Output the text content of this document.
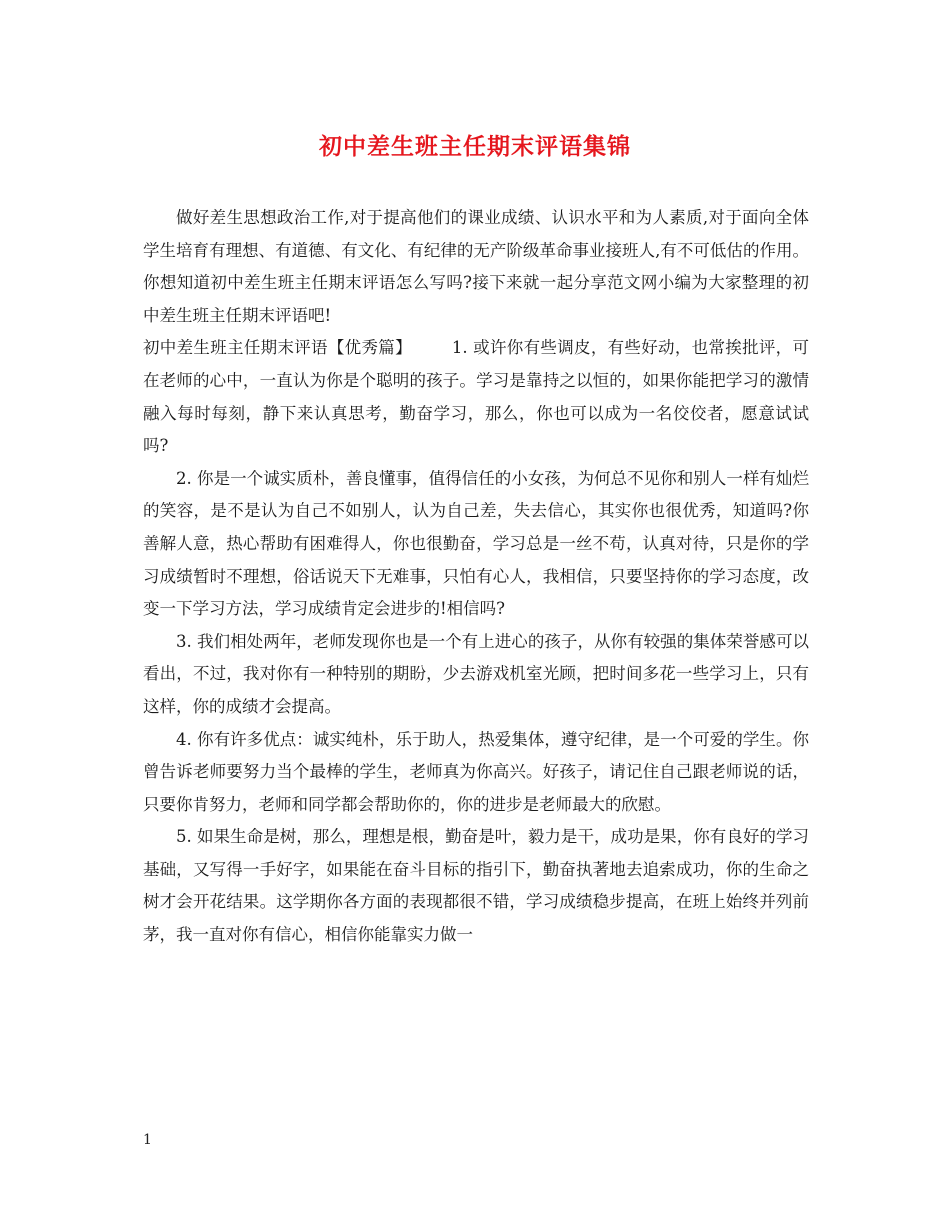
初中差生班主任期末评语集锦

做好差生思想政治工作,对于提高他们的课业成绩、认识水平和为人素质,对于面向全体学生培育有理想、有道德、有文化、有纪律的无产阶级革命事业接班人,有不可低估的作用。你想知道初中差生班主任期末评语怎么写吗?接下来就一起分享范文网小编为大家整理的初中差生班主任期末评语吧!

初中差生班主任期末评语【优秀篇】 1. 或许你有些调皮，有些好动，也常挨批评，可在老师的心中，一直认为你是个聪明的孩子。学习是靠持之以恒的，如果你能把学习的激情融入每时每刻，静下来认真思考，勤奋学习，那么，你也可以成为一名佼佼者，愿意试试吗?

2. 你是一个诚实质朴，善良懂事，值得信任的小女孩，为何总不见你和别人一样有灿烂的笑容，是不是认为自己不如别人，认为自己差，失去信心，其实你也很优秀，知道吗?你善解人意，热心帮助有困难得人，你也很勤奋，学习总是一丝不苟，认真对待，只是你的学习成绩暂时不理想，俗话说天下无难事，只怕有心人，我相信，只要坚持你的学习态度，改变一下学习方法，学习成绩肯定会进步的!相信吗?

3. 我们相处两年，老师发现你也是一个有上进心的孩子，从你有较强的集体荣誉感可以看出，不过，我对你有一种特别的期盼，少去游戏机室光顾，把时间多花一些学习上，只有这样，你的成绩才会提高。

4. 你有许多优点：诚实纯朴，乐于助人，热爱集体，遵守纪律，是一个可爱的学生。你曾告诉老师要努力当个最棒的学生，老师真为你高兴。好孩子，请记住自己跟老师说的话，只要你肯努力，老师和同学都会帮助你的，你的进步是老师最大的欣慰。

5. 如果生命是树，那么，理想是根，勤奋是叶，毅力是干，成功是果，你有良好的学习基础，又写得一手好字，如果能在奋斗目标的指引下，勤奋执著地去追索成功，你的生命之树才会开花结果。这学期你各方面的表现都很不错，学习成绩稳步提高，在班上始终并列前茅，我一直对你有信心，相信你能靠实力做一

1
